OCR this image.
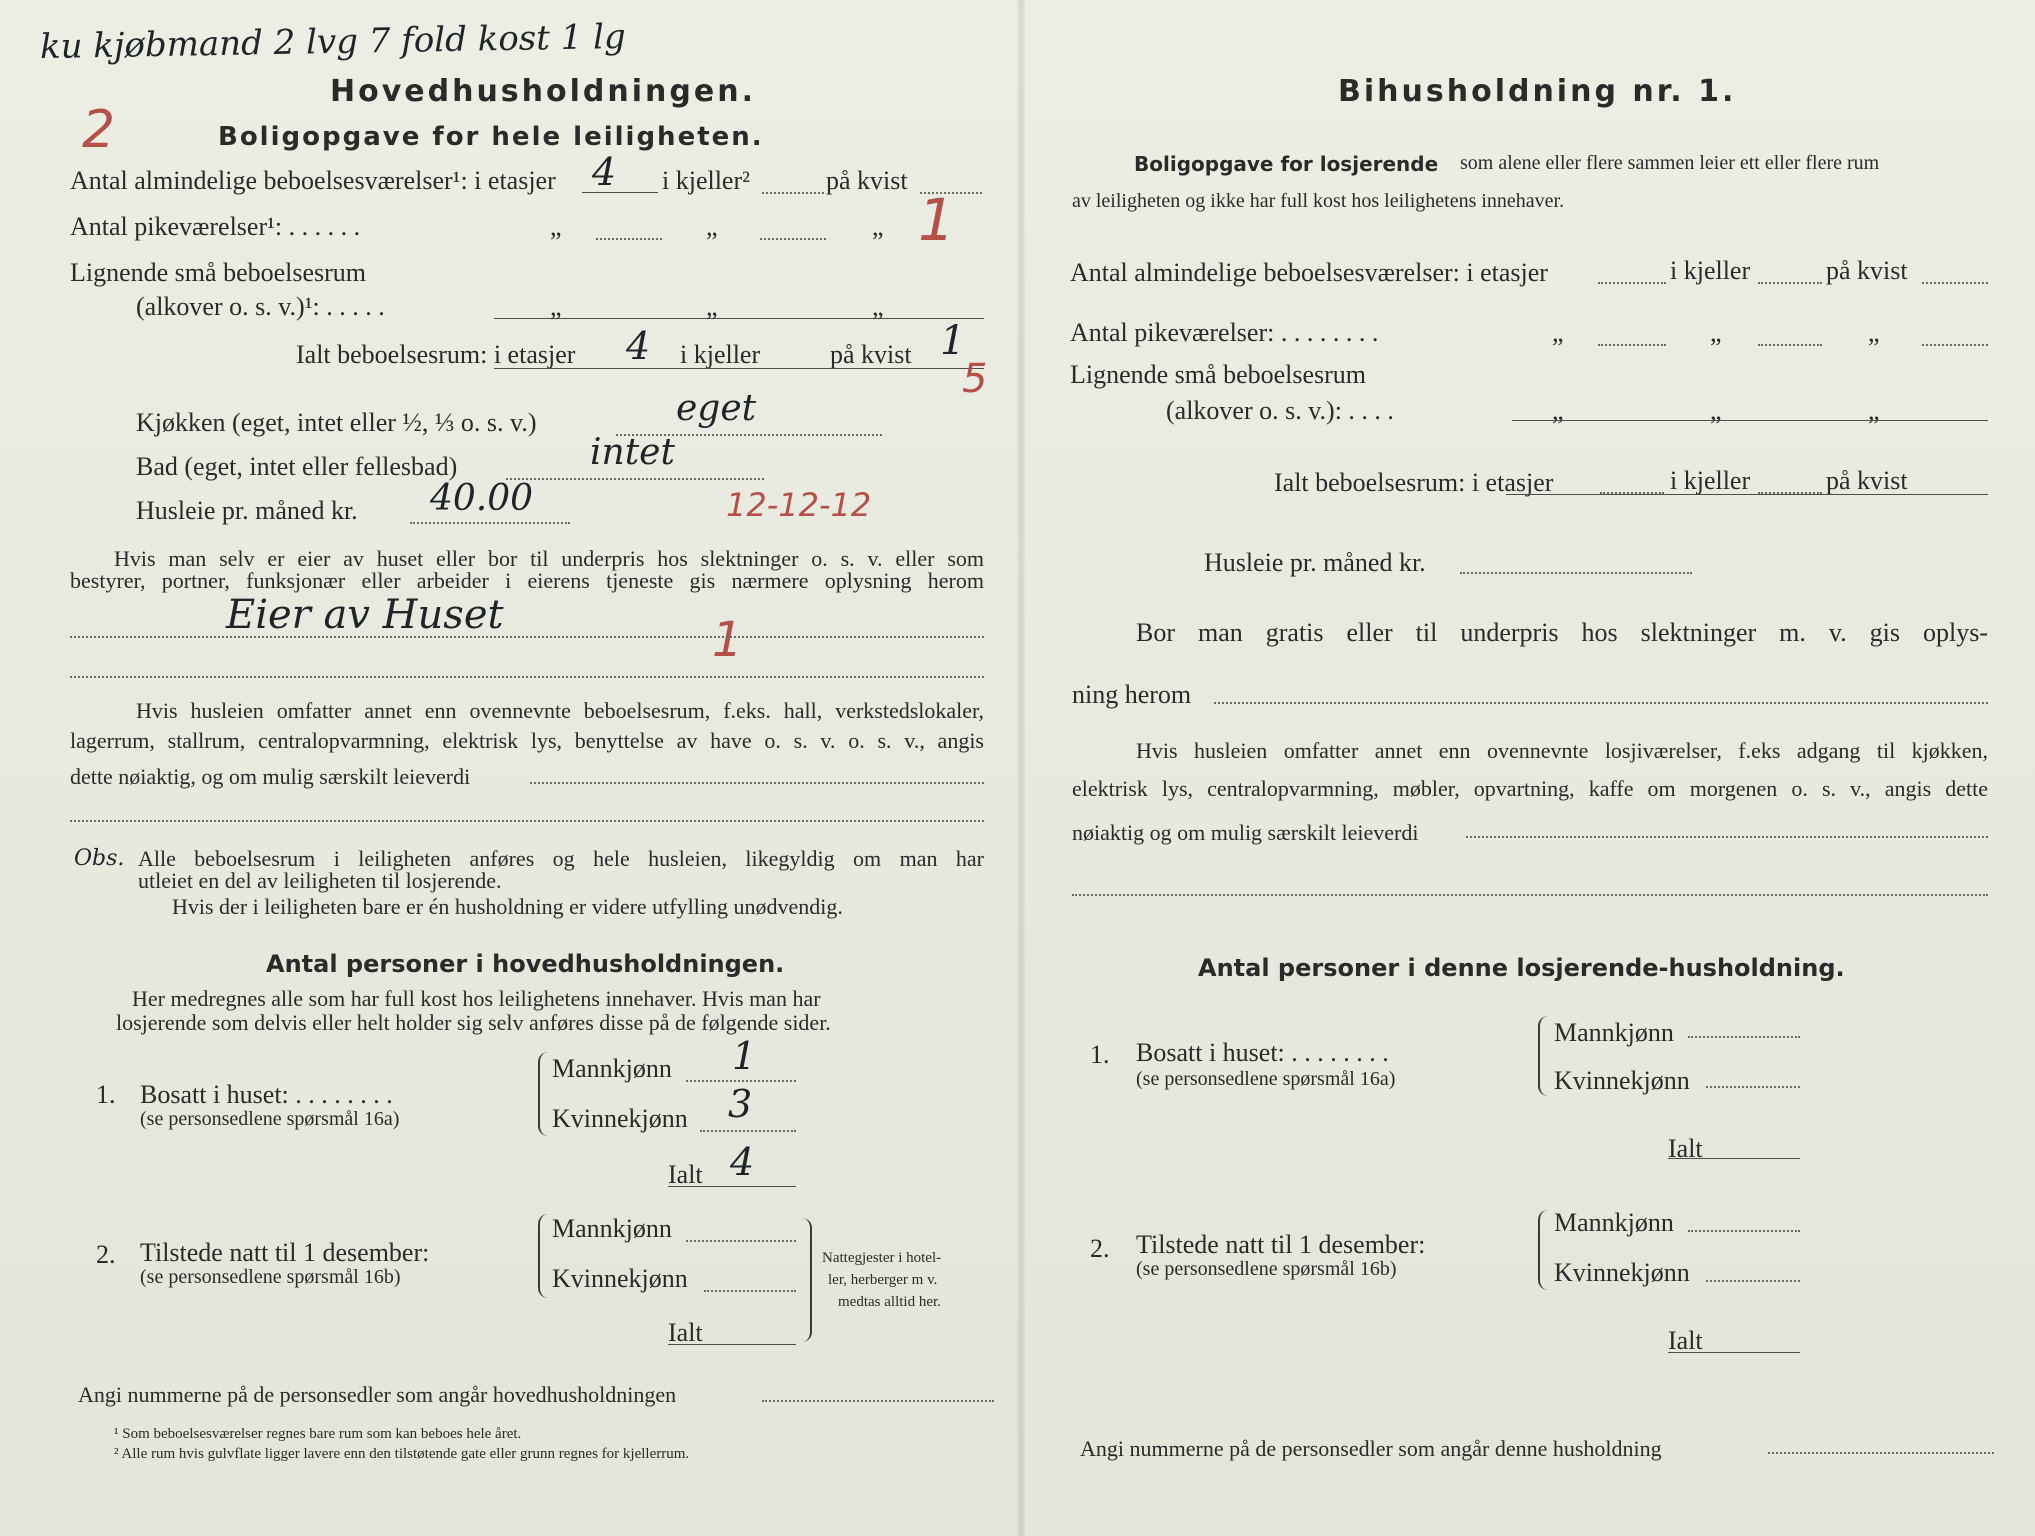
ku kjøbmand 2 lvg 7 fold kost 1 lg
2
Hovedhusholdningen.
Boligopgave for hele leiligheten.
Antal almindelige beboelsesværelser¹: i etasjer 4 i kjeller²	på kvist
Antal pikeværelser¹: . . . . . .	„	„	„ 1
Lignende små beboelsesrum
(alkover o. s. v.)¹: . . . . .	„	„	„
Ialt beboelsesrum: i etasjer 4 i kjeller	på kvist 1
5
Kjøkken (eget, intet eller ½, ⅓ o. s. v.)	eget
Bad (eget, intet eller fellesbad)	intet
Husleie pr. måned kr. 40.00	12-12-12
Hvis man selv er eier av huset eller bor til underpris hos slektninger o. s. v. eller som
bestyrer, portner, funksjonær eller arbeider i eierens tjeneste gis nærmere oplysning herom
Eier av Huset	1
Hvis husleien omfatter annet enn ovennevnte beboelsesrum, f.eks. hall, verkstedslokaler,
lagerrum, stallrum, centralopvarmning, elektrisk lys, benyttelse av have o. s. v. o. s. v., angis
dette nøiaktig, og om mulig særskilt leieverdi
Obs. Alle beboelsesrum i leiligheten anføres og hele husleien, likegyldig om man har
utleiet en del av leiligheten til losjerende.
Hvis der i leiligheten bare er én husholdning er videre utfylling unødvendig.
Antal personer i hovedhusholdningen.
Her medregnes alle som har full kost hos leilighetens innehaver. Hvis man har
losjerende som delvis eller helt holder sig selv anføres disse på de følgende sider.
1. Bosatt i huset: . . . . . . . .
(se personsedlene spørsmål 16a)
Mannkjønn 1
Kvinnekjønn 3
Ialt 4
2. Tilstede natt til 1 desember:
(se personsedlene spørsmål 16b)
Mannkjønn
Kvinnekjønn
Ialt
Nattegjester i hotel-
ler, herberger m v.
medtas alltid her.
Angi nummerne på de personsedler som angår hovedhusholdningen
¹ Som beboelsesværelser regnes bare rum som kan beboes hele året.
² Alle rum hvis gulvflate ligger lavere enn den tilstøtende gate eller grunn regnes for kjellerrum.
Bihusholdning nr. 1.
Boligopgave for losjerende som alene eller flere sammen leier ett eller flere rum
av leiligheten og ikke har full kost hos leilighetens innehaver.
Antal almindelige beboelsesværelser: i etasjer	i kjeller	på kvist
Antal pikeværelser: . . . . . . . .	„	„	„
Lignende små beboelsesrum
(alkover o. s. v.): . . . .	„	„	„
Ialt beboelsesrum: i etasjer	i kjeller	på kvist
Husleie pr. måned kr.
Bor man gratis eller til underpris hos slektninger m. v. gis oplys-
ning herom
Hvis husleien omfatter annet enn ovennevnte losjiværelser, f.eks adgang til kjøkken,
elektrisk lys, centralopvarmning, møbler, opvartning, kaffe om morgenen o. s. v., angis dette
nøiaktig og om mulig særskilt leieverdi
Antal personer i denne losjerende-husholdning.
1. Bosatt i huset: . . . . . . . .
(se personsedlene spørsmål 16a)
Mannkjønn
Kvinnekjønn
Ialt
2. Tilstede natt til 1 desember:
(se personsedlene spørsmål 16b)
Mannkjønn
Kvinnekjønn
Ialt
Angi nummerne på de personsedler som angår denne husholdning
